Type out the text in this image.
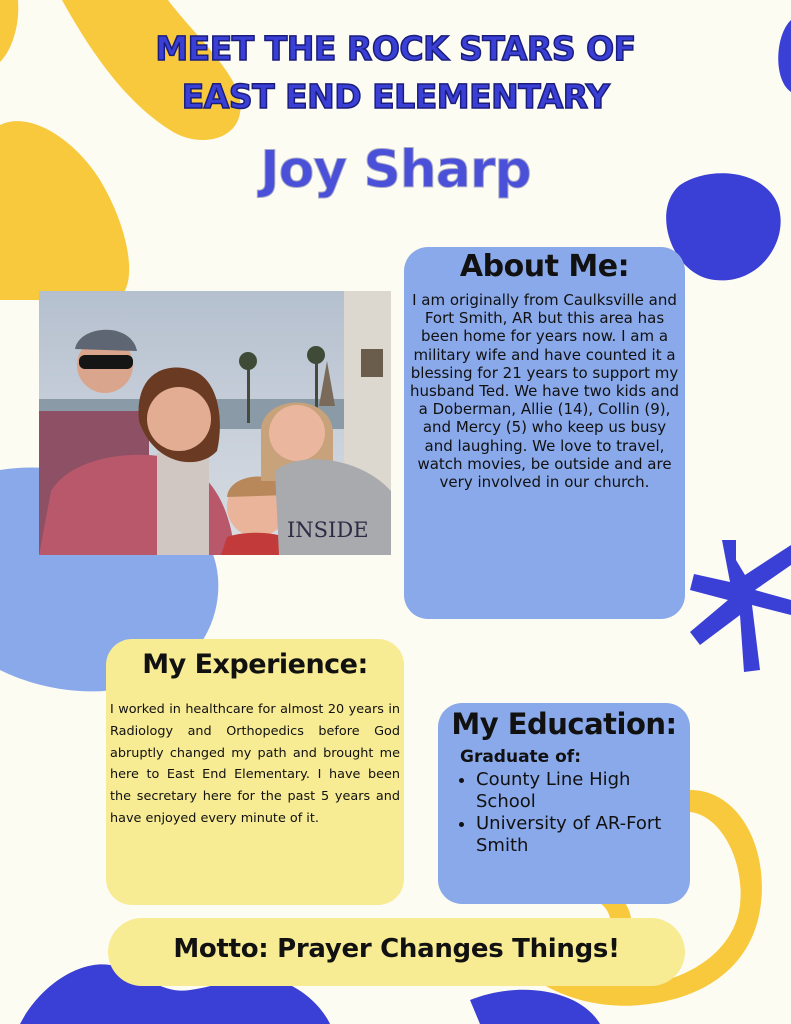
MEET THE ROCK STARS OF
EAST END ELEMENTARY
Joy Sharp
INSIDE
About Me:
I am originally from Caulksville and Fort Smith, AR but this area has been home for years now. I am a military wife and have counted it a blessing for 21 years to support my husband Ted. We have two kids and a Doberman, Allie (14), Collin (9), and Mercy (5) who keep us busy and laughing. We love to travel, watch movies, be outside and are very involved in our church.
My Experience:
I worked in healthcare for almost 20 years in Radiology and Orthopedics before God abruptly changed my path and brought me here to East End Elementary. I have been the secretary here for the past 5 years and have enjoyed every minute of it.
My Education:
Graduate of:
• County Line High School
• University of AR-Fort Smith
Motto: Prayer Changes Things!
